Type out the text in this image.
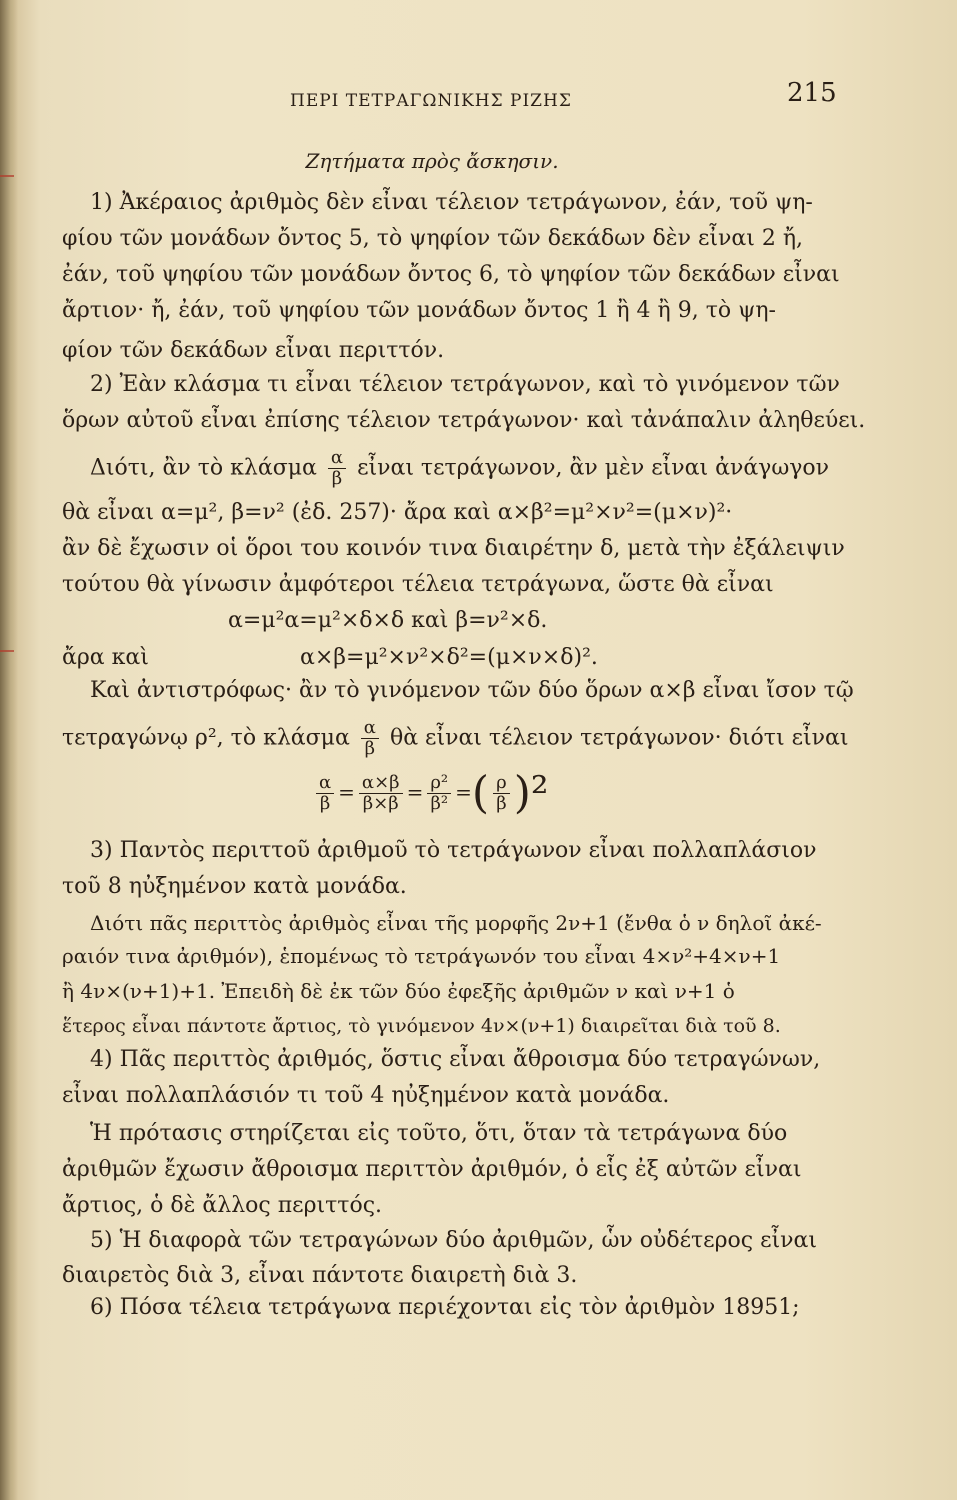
ΠΕΡΙ ΤΕΤΡΑΓΩΝΙΚΗΣ ΡΙΖΗΣ	215
Ζητήματα πρὸς ἄσκησιν.
1) Ἀκέραιος ἀριθμὸς δὲν εἶναι τέλειον τετράγωνον, ἐάν, τοῦ ψη-
φίου τῶν μονάδων ὄντος 5, τὸ ψηφίον τῶν δεκάδων δὲν εἶναι 2 ἤ,
ἐάν, τοῦ ψηφίου τῶν μονάδων ὄντος 6, τὸ ψηφίον τῶν δεκάδων εἶναι
ἄρτιον· ἤ, ἐάν, τοῦ ψηφίου τῶν μονάδων ὄντος 1 ἢ 4 ἢ 9, τὸ ψη-
φίον τῶν δεκάδων εἶναι περιττόν.
2) Ἐὰν κλάσμα τι εἶναι τέλειον τετράγωνον, καὶ τὸ γινόμενον τῶν
ὅρων αὐτοῦ εἶναι ἐπίσης τέλειον τετράγωνον· καὶ τἀνάπαλιν ἀληθεύει.
Διότι, ἂν τὸ κλάσμα $\frac{\alpha}{\beta}$ εἶναι τετράγωνον, ἂν μὲν εἶναι ἀνάγωγον
θὰ εἶναι α=μ², β=ν² (ἐδ. 257)· ἄρα καὶ α×β²=μ²×ν²=(μ×ν)²·
ἂν δὲ ἔχωσιν οἱ ὅροι του κοινόν τινα διαιρέτην δ, μετὰ τὴν ἐξάλειψιν
τούτου θὰ γίνωσιν ἀμφότεροι τέλεια τετράγωνα, ὥστε θὰ εἶναι
α=μ²α=μ²×δ×δ καὶ β=ν²×δ.
ἄρα καὶ	α×β=μ²×ν²×δ²=(μ×ν×δ)².
Καὶ ἀντιστρόφως· ἂν τὸ γινόμενον τῶν δύο ὅρων α×β εἶναι ἴσον τῷ
τετραγώνῳ ρ², τὸ κλάσμα $\frac{\alpha}{\beta}$ θὰ εἶναι τέλειον τετράγωνον· διότι εἶναι
$\frac{\alpha}{\beta} = \frac{\alpha\times\beta}{\beta\times\beta} = \frac{\text{ρ²}}{\text{β²}}$ =( $\frac{\rho}{\beta} )^2$
3) Παντὸς περιττοῦ ἀριθμοῦ τὸ τετράγωνον εἶναι πολλαπλάσιον
τοῦ 8 ηὐξημένον κατὰ μονάδα.
Διότι πᾶς περιττὸς ἀριθμὸς εἶναι τῆς μορφῆς 2ν+1 (ἔνθα ὁ ν δηλοῖ ἀκέ-
ραιόν τινα ἀριθμόν), ἑπομένως τὸ τετράγωνόν του εἶναι 4×ν²+4×ν+1
ἢ 4ν×(ν+1)+1. Ἐπειδὴ δὲ ἐκ τῶν δύο ἐφεξῆς ἀριθμῶν ν καὶ ν+1 ὁ
ἕτερος εἶναι πάντοτε ἄρτιος, τὸ γινόμενον 4ν×(ν+1) διαιρεῖται διὰ τοῦ 8.
4) Πᾶς περιττὸς ἀριθμός, ὅστις εἶναι ἄθροισμα δύο τετραγώνων,
εἶναι πολλαπλάσιόν τι τοῦ 4 ηὐξημένον κατὰ μονάδα.
Ἡ πρότασις στηρίζεται εἰς τοῦτο, ὅτι, ὅταν τὰ τετράγωνα δύο
ἀριθμῶν ἔχωσιν ἄθροισμα περιττὸν ἀριθμόν, ὁ εἷς ἐξ αὐτῶν εἶναι
ἄρτιος, ὁ δὲ ἄλλος περιττός.
5) Ἡ διαφορὰ τῶν τετραγώνων δύο ἀριθμῶν, ὧν οὐδέτερος εἶναι
διαιρετὸς διὰ 3, εἶναι πάντοτε διαιρετὴ διὰ 3.
6) Πόσα τέλεια τετράγωνα περιέχονται εἰς τὸν ἀριθμὸν 18951;
